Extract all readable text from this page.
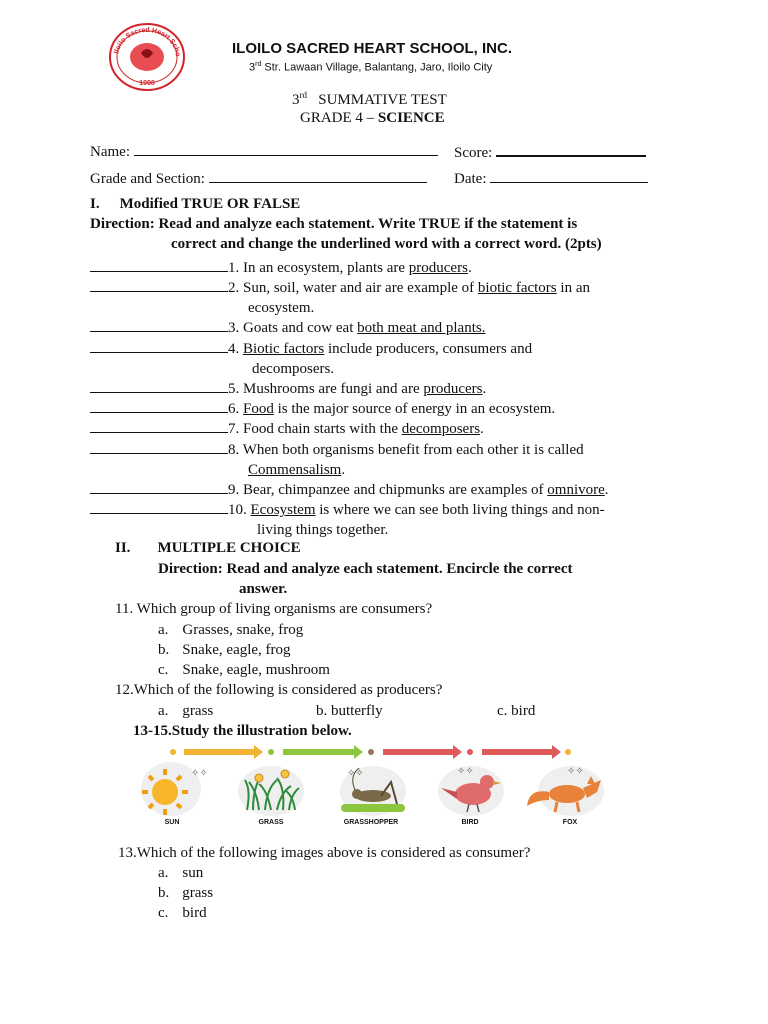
Iloilo Sacred Heart Scho
1998
ILOILO SACRED HEART SCHOOL, INC.
3rd Str. Lawaan Village, Balantang, Jaro, Iloilo City
3rd SUMMATIVE TEST
GRADE 4 – SCIENCE
Name:	Score:
Grade and Section:	Date:
I. Modified TRUE OR FALSE
Direction: Read and analyze each statement. Write TRUE if the statement is
correct and change the underlined word with a correct word. (2pts)
1. In an ecosystem, plants are producers.
2. Sun, soil, water and air are example of biotic factors in an
ecosystem.
3. Goats and cow eat both meat and plants.
4. Biotic factors include producers, consumers and
decomposers.
5. Mushrooms are fungi and are producers.
6. Food is the major source of energy in an ecosystem.
7. Food chain starts with the decomposers.
8. When both organisms benefit from each other it is called
Commensalism.
9. Bear, chimpanzee and chipmunks are examples of omnivore.
10. Ecosystem is where we can see both living things and non-
living things together.
II. MULTIPLE CHOICE
Direction: Read and analyze each statement. Encircle the correct
answer.
11. Which group of living organisms are consumers?
a. Grasses, snake, frog
b. Snake, eagle, frog
c. Snake, eagle, mushroom
12.Which of the following is considered as producers?
a. grass	b. butterfly	c. bird
13-15.Study the illustration below.
✧✧	✧✧	✧✧	✧✧
SUN	GRASS	GRASSHOPPER	BIRD	FOX
13.Which of the following images above is considered as consumer?
a. sun
b. grass
c. bird
